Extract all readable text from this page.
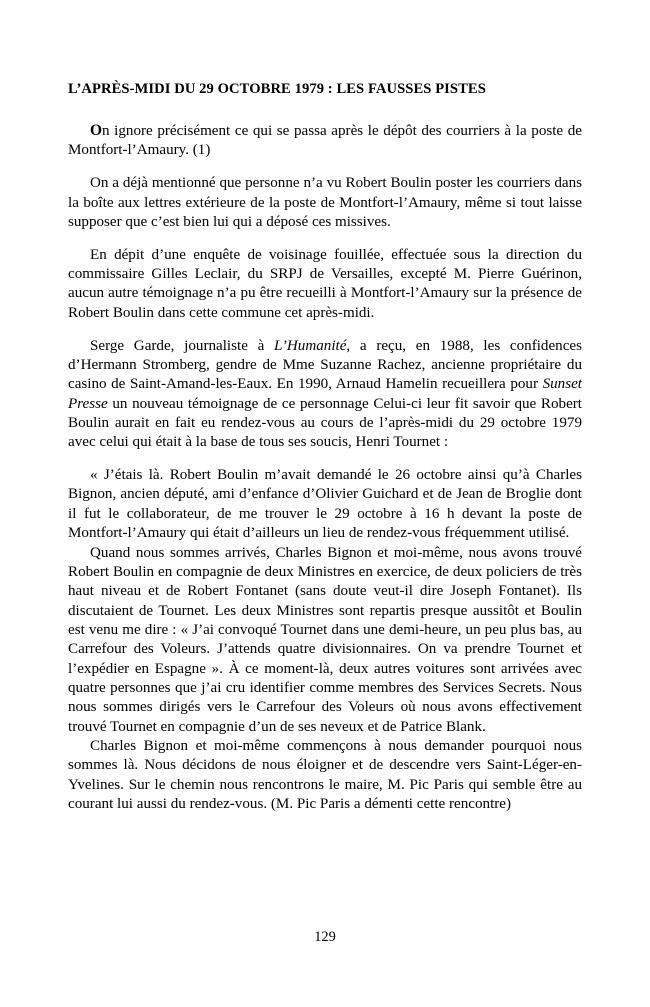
L’APRÈS-MIDI DU 29 OCTOBRE 1979 : LES FAUSSES PISTES

On ignore précisément ce qui se passa après le dépôt des courriers à la poste de Montfort-l’Amaury. (1)

On a déjà mentionné que personne n’a vu Robert Boulin poster les courriers dans la boîte aux lettres extérieure de la poste de Montfort-l’Amaury, même si tout laisse supposer que c’est bien lui qui a déposé ces missives.

En dépit d’une enquête de voisinage fouillée, effectuée sous la direction du commissaire Gilles Leclair, du SRPJ de Versailles, excepté M. Pierre Guérinon, aucun autre témoignage n’a pu être recueilli à Montfort-l’Amaury sur la présence de Robert Boulin dans cette commune cet après-midi.

Serge Garde, journaliste à L’Humanité, a reçu, en 1988, les confidences d’Hermann Stromberg, gendre de Mme Suzanne Rachez, ancienne propriétaire du casino de Saint-Amand-les-Eaux. En 1990, Arnaud Hamelin recueillera pour Sunset Presse un nouveau témoignage de ce personnage Celui-ci leur fit savoir que Robert Boulin aurait en fait eu rendez-vous au cours de l’après-midi du 29 octobre 1979 avec celui qui était à la base de tous ses soucis, Henri Tournet :

« J’étais là. Robert Boulin m’avait demandé le 26 octobre ainsi qu’à Charles Bignon, ancien député, ami d’enfance d’Olivier Guichard et de Jean de Broglie dont il fut le collaborateur, de me trouver le 29 octobre à 16 h devant la poste de Montfort-l’Amaury qui était d’ailleurs un lieu de rendez-vous fréquemment utilisé.

Quand nous sommes arrivés, Charles Bignon et moi-même, nous avons trouvé Robert Boulin en compagnie de deux Ministres en exercice, de deux policiers de très haut niveau et de Robert Fontanet (sans doute veut-il dire Joseph Fontanet). Ils discutaient de Tournet. Les deux Ministres sont repartis presque aussitôt et Boulin est venu me dire : « J’ai convoqué Tournet dans une demi-heure, un peu plus bas, au Carrefour des Voleurs. J’attends quatre divisionnaires. On va prendre Tournet et l’expédier en Espagne ». À ce moment-là, deux autres voitures sont arrivées avec quatre personnes que j’ai cru identifier comme membres des Services Secrets. Nous nous sommes dirigés vers le Carrefour des Voleurs où nous avons effectivement trouvé Tournet en compagnie d’un de ses neveux et de Patrice Blank.

Charles Bignon et moi-même commençons à nous demander pourquoi nous sommes là. Nous décidons de nous éloigner et de descendre vers Saint-Léger-en-Yvelines. Sur le chemin nous rencontrons le maire, M. Pic Paris qui semble être au courant lui aussi du rendez-vous. (M. Pic Paris a démenti cette rencontre)

129
